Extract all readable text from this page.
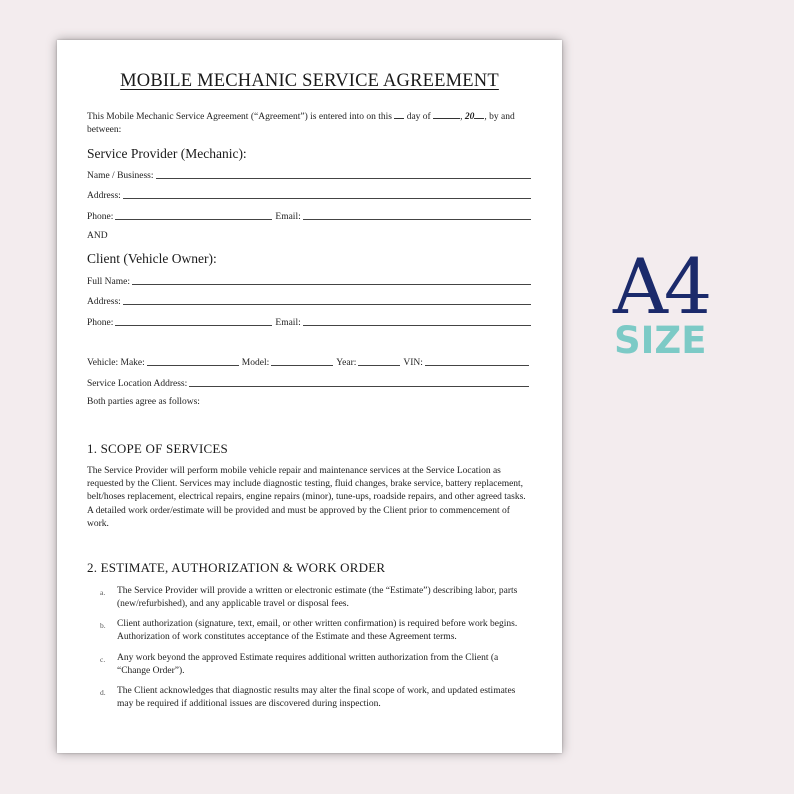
MOBILE MECHANIC SERVICE AGREEMENT
This Mobile Mechanic Service Agreement (“Agreement”) is entered into on this day of	, 20 , by and between:
Service Provider (Mechanic):
Name / Business:
Address:
Phone:	Email:
AND
Client (Vehicle Owner):
Full Name:
Address:
Phone:	Email:
Vehicle: Make:	Model:	Year:	VIN:
Service Location Address:
Both parties agree as follows:
1. SCOPE OF SERVICES
The Service Provider will perform mobile vehicle repair and maintenance services at the Service Location as requested by the Client. Services may include diagnostic testing, fluid changes, brake service, battery replacement, belt/hoses replacement, electrical repairs, engine repairs (minor), tune-ups, roadside repairs, and other agreed tasks. A detailed work order/estimate will be provided and must be approved by the Client prior to commencement of work.
2. ESTIMATE, AUTHORIZATION & WORK ORDER
a.	The Service Provider will provide a written or electronic estimate (the “Estimate”) describing labor, parts (new/refurbished), and any applicable travel or disposal fees.
b.	Client authorization (signature, text, email, or other written confirmation) is required before work begins. Authorization of work constitutes acceptance of the Estimate and these Agreement terms.
c.	Any work beyond the approved Estimate requires additional written authorization from the Client (a “Change Order”).
d.	The Client acknowledges that diagnostic results may alter the final scope of work, and updated estimates may be required if additional issues are discovered during inspection.
A4
SIZE
